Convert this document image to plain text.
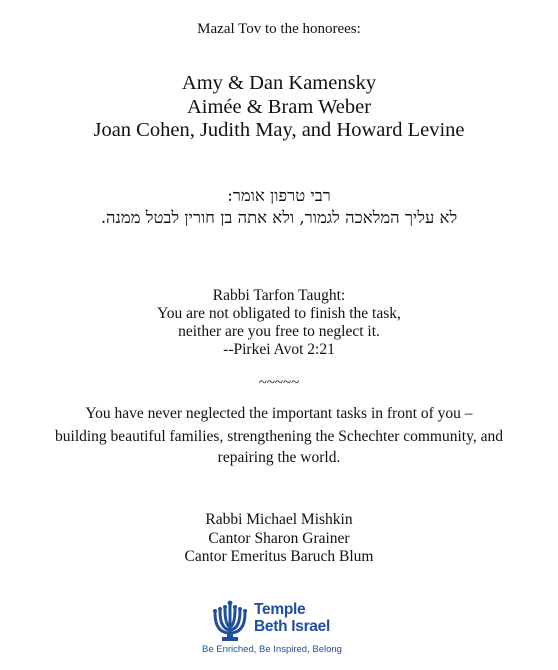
Mazal Tov to the honorees:
Amy & Dan Kamensky
Aimée & Bram Weber
Joan Cohen, Judith May, and Howard Levine
רבי טרפון אומר:
לא עליך המלאכה לגמור, ולא אתה בן חורין לבטל ממנה.
Rabbi Tarfon Taught:
You are not obligated to finish the task,
neither are you free to neglect it.
--Pirkei Avot 2:21
~~~~~
You have never neglected the important tasks in front of you –
building beautiful families, strengthening the Schechter community, and
repairing the world.
Rabbi Michael Mishkin
Cantor Sharon Grainer
Cantor Emeritus Baruch Blum
Temple
Beth Israel
Be Enriched, Be Inspired, Belong
